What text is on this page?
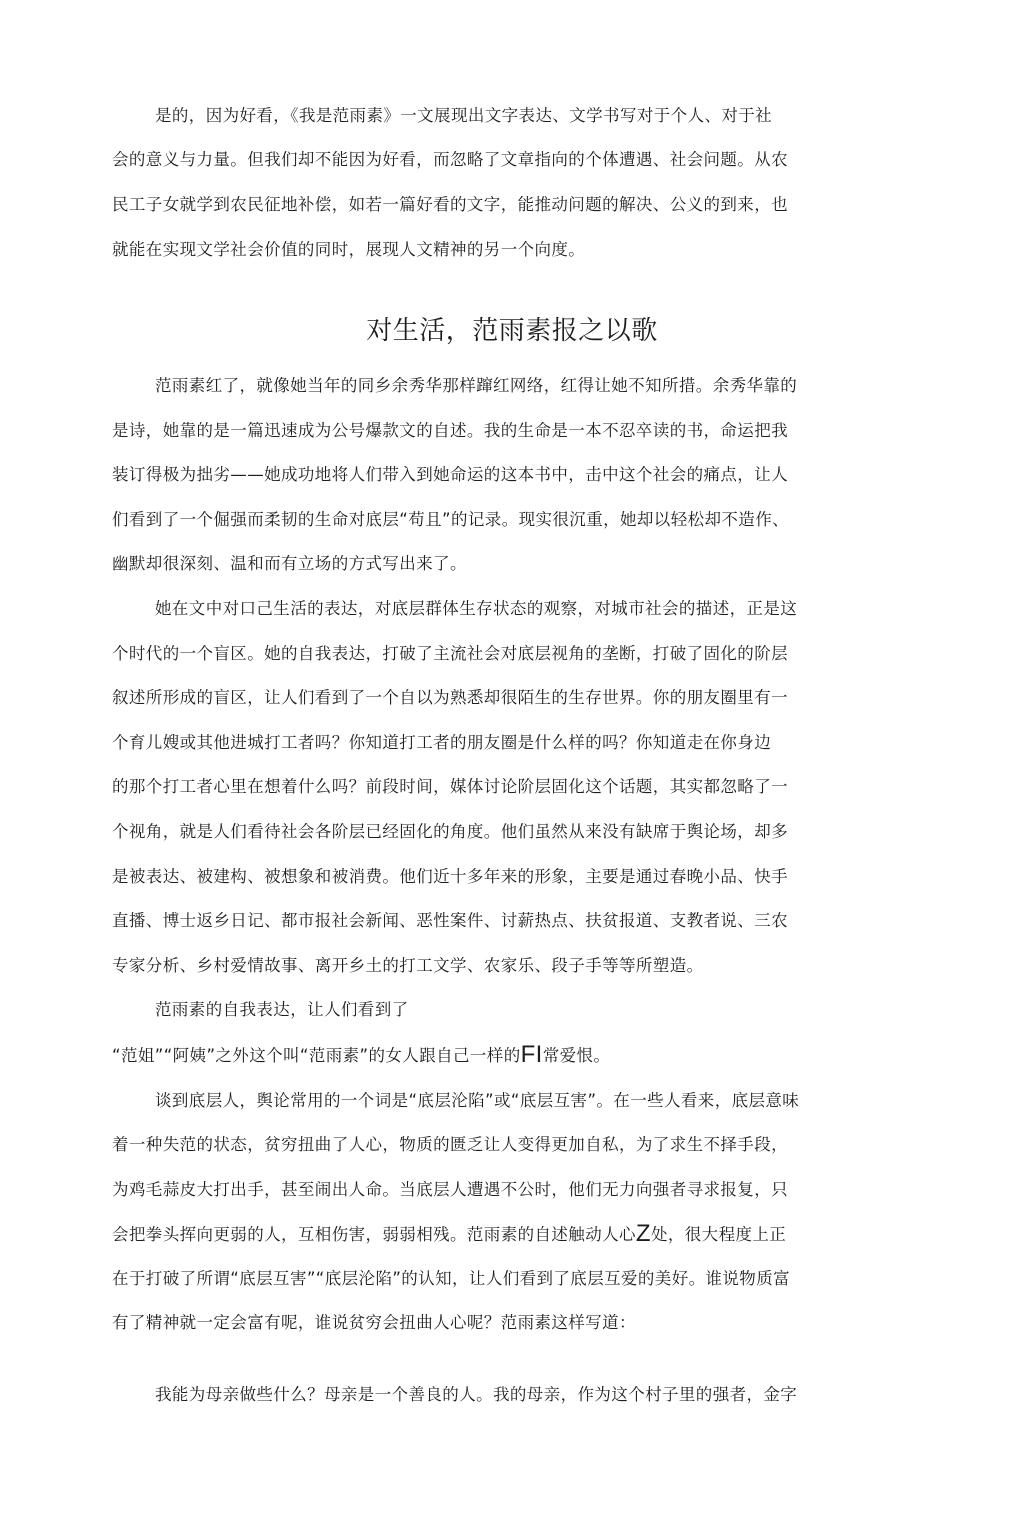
是的，因为好看，《我是范雨素》一文展现出文字表达、文学书写对于个人、对于社
会的意义与力量。但我们却不能因为好看，而忽略了文章指向的个体遭遇、社会问题。从农
民工子女就学到农民征地补偿，如若一篇好看的文字，能推动问题的解决、公义的到来，也
就能在实现文学社会价值的同时，展现人文精神的另一个向度。
对生活，范雨素报之以歌
范雨素红了，就像她当年的同乡余秀华那样蹿红网络，红得让她不知所措。余秀华靠的
是诗，她靠的是一篇迅速成为公号爆款文的自述。我的生命是一本不忍卒读的书，命运把我
装订得极为拙劣——她成功地将人们带入到她命运的这本书中，击中这个社会的痛点，让人
们看到了一个倔强而柔韧的生命对底层“苟且”的记录。现实很沉重，她却以轻松却不造作、
幽默却很深刻、温和而有立场的方式写出来了。
她在文中对口己生活的表达，对底层群体生存状态的观察，对城市社会的描述，正是这
个时代的一个盲区。她的自我表达，打破了主流社会对底层视角的垄断，打破了固化的阶层
叙述所形成的盲区，让人们看到了一个自以为熟悉却很陌生的生存世界。你的朋友圈里有一
个育儿嫂或其他进城打工者吗？你知道打工者的朋友圈是什么样的吗？你知道走在你身边
的那个打工者心里在想着什么吗？前段时间，媒体讨论阶层固化这个话题，其实都忽略了一
个视角，就是人们看待社会各阶层已经固化的角度。他们虽然从来没有缺席于舆论场，却多
是被表达、被建构、被想象和被消费。他们近十多年来的形象，主要是通过春晚小品、快手
直播、博士返乡日记、都市报社会新闻、恶性案件、讨薪热点、扶贫报道、支教者说、三农
专家分析、乡村爱情故事、离开乡土的打工文学、农家乐、段子手等等所塑造。
范雨素的自我表达，让人们看到了
“范姐”“阿姨”之外这个叫“范雨素”的女人跟自己一样的FI常爱恨。
谈到底层人，舆论常用的一个词是“底层沦陷”或“底层互害”。在一些人看来，底层意味
着一种失范的状态，贫穷扭曲了人心，物质的匮乏让人变得更加自私，为了求生不择手段，
为鸡毛蒜皮大打出手，甚至闹出人命。当底层人遭遇不公时，他们无力向强者寻求报复，只
会把拳头挥向更弱的人，互相伤害，弱弱相残。范雨素的自述触动人心Z处，很大程度上正
在于打破了所谓“底层互害”“底层沦陷”的认知，让人们看到了底层互爱的美好。谁说物质富
有了精神就一定会富有呢，谁说贫穷会扭曲人心呢？范雨素这样写道：
我能为母亲做些什么？母亲是一个善良的人。我的母亲，作为这个村子里的强者，金字
